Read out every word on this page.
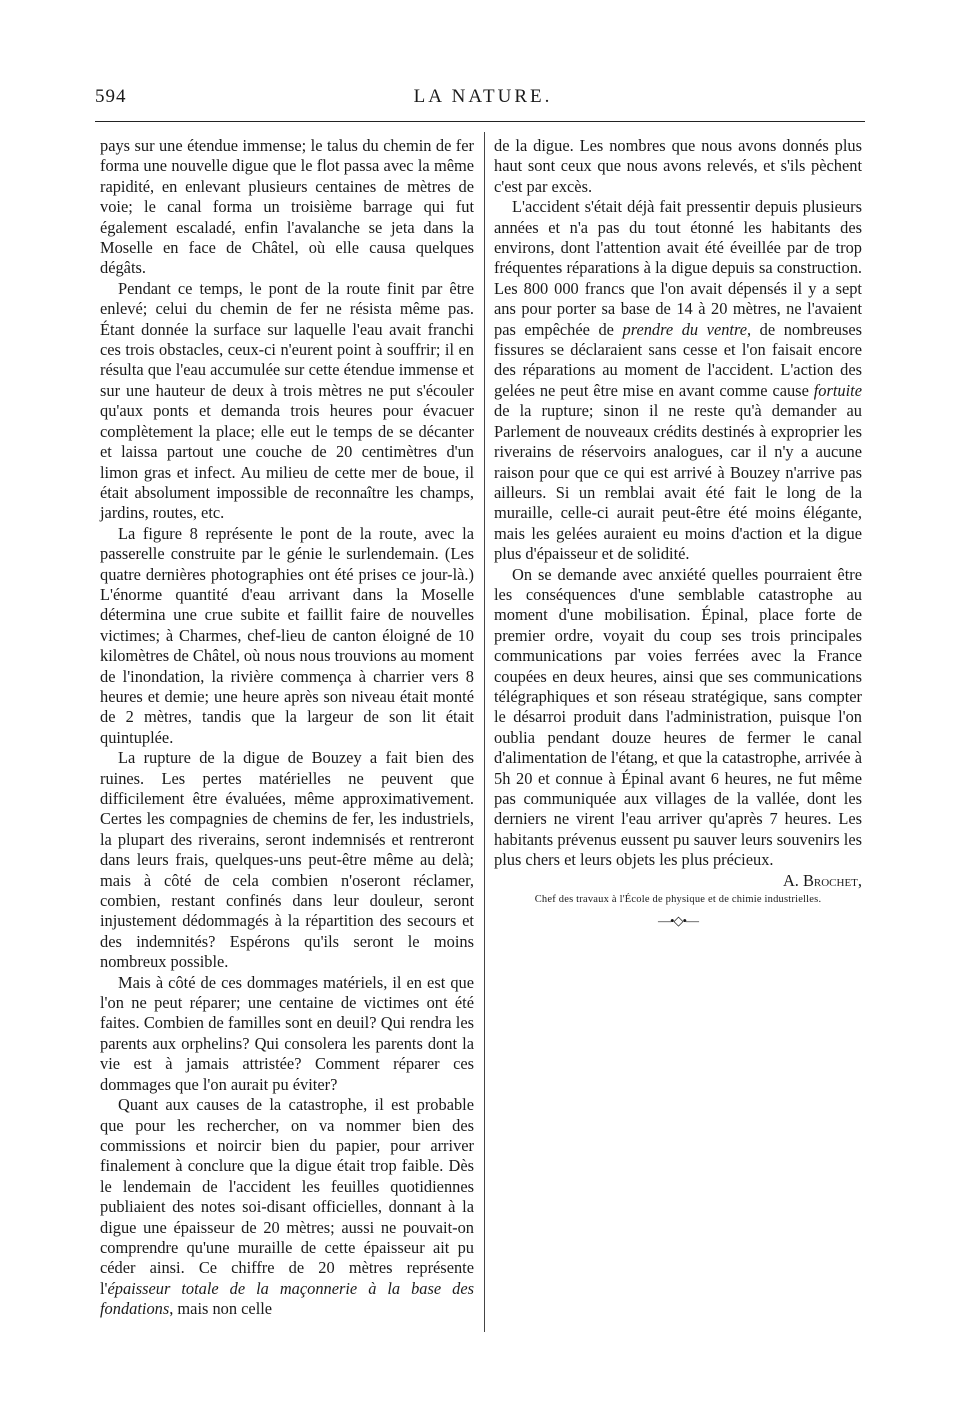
594	LA NATURE.

pays sur une étendue immense; le talus du chemin de fer forma une nouvelle digue que le flot passa avec la même rapidité, en enlevant plusieurs centaines de mètres de voie; le canal forma un troisième barrage qui fut également escaladé, enfin l'avalanche se jeta dans la Moselle en face de Châtel, où elle causa quelques dégâts.

Pendant ce temps, le pont de la route finit par être enlevé; celui du chemin de fer ne résista même pas. Étant donnée la surface sur laquelle l'eau avait franchi ces trois obstacles, ceux-ci n'eurent point à souffrir; il en résulta que l'eau accumulée sur cette étendue immense et sur une hauteur de deux à trois mètres ne put s'écouler qu'aux ponts et demanda trois heures pour évacuer complètement la place; elle eut le temps de se décanter et laissa partout une couche de 20 centimètres d'un limon gras et infect. Au milieu de cette mer de boue, il était absolument impossible de reconnaître les champs, jardins, routes, etc.

La figure 8 représente le pont de la route, avec la passerelle construite par le génie le surlendemain. (Les quatre dernières photographies ont été prises ce jour-là.) L'énorme quantité d'eau arrivant dans la Moselle détermina une crue subite et faillit faire de nouvelles victimes; à Charmes, chef-lieu de canton éloigné de 10 kilomètres de Châtel, où nous nous trouvions au moment de l'inondation, la rivière commença à charrier vers 8 heures et demie; une heure après son niveau était monté de 2 mètres, tandis que la largeur de son lit était quintuplée.

La rupture de la digue de Bouzey a fait bien des ruines. Les pertes matérielles ne peuvent que difficilement être évaluées, même approximativement. Certes les compagnies de chemins de fer, les industriels, la plupart des riverains, seront indemnisés et rentreront dans leurs frais, quelques-uns peut-être même au delà; mais à côté de cela combien n'oseront réclamer, combien, restant confinés dans leur douleur, seront injustement dédommagés à la répartition des secours et des indemnités? Espérons qu'ils seront le moins nombreux possible.

Mais à côté de ces dommages matériels, il en est que l'on ne peut réparer; une centaine de victimes ont été faites. Combien de familles sont en deuil? Qui rendra les parents aux orphelins? Qui consolera les parents dont la vie est à jamais attristée? Comment réparer ces dommages que l'on aurait pu éviter?

Quant aux causes de la catastrophe, il est probable que pour les rechercher, on va nommer bien des commissions et noircir bien du papier, pour arriver finalement à conclure que la digue était trop faible. Dès le lendemain de l'accident les feuilles quotidiennes publiaient des notes soi-disant officielles, donnant à la digue une épaisseur de 20 mètres; aussi ne pouvait-on comprendre qu'une muraille de cette épaisseur ait pu céder ainsi. Ce chiffre de 20 mètres représente l'épaisseur totale de la maçonnerie à la base des fondations, mais non celle

de la digue. Les nombres que nous avons donnés plus haut sont ceux que nous avons relevés, et s'ils pèchent c'est par excès.

L'accident s'était déjà fait pressentir depuis plusieurs années et n'a pas du tout étonné les habitants des environs, dont l'attention avait été éveillée par de trop fréquentes réparations à la digue depuis sa construction. Les 800 000 francs que l'on avait dépensés il y a sept ans pour porter sa base de 14 à 20 mètres, ne l'avaient pas empêchée de prendre du ventre, de nombreuses fissures se déclaraient sans cesse et l'on faisait encore des réparations au moment de l'accident. L'action des gelées ne peut être mise en avant comme cause fortuite de la rupture; sinon il ne reste qu'à demander au Parlement de nouveaux crédits destinés à exproprier les riverains de réservoirs analogues, car il n'y a aucune raison pour que ce qui est arrivé à Bouzey n'arrive pas ailleurs. Si un remblai avait été fait le long de la muraille, celle-ci aurait peut-être été moins élégante, mais les gelées auraient eu moins d'action et la digue plus d'épaisseur et de solidité.

On se demande avec anxiété quelles pourraient être les conséquences d'une semblable catastrophe au moment d'une mobilisation. Épinal, place forte de premier ordre, voyait du coup ses trois principales communications par voies ferrées avec la France coupées en deux heures, ainsi que ses communications télégraphiques et son réseau stratégique, sans compter le désarroi produit dans l'administration, puisque l'on oublia pendant douze heures de fermer le canal d'alimentation de l'étang, et que la catastrophe, arrivée à 5h 20 et connue à Épinal avant 6 heures, ne fut même pas communiquée aux villages de la vallée, dont les derniers ne virent l'eau arriver qu'après 7 heures. Les habitants prévenus eussent pu sauver leurs souvenirs les plus chers et leurs objets les plus précieux.

A. Brochet,
Chef des travaux à l'École de physique et de chimie industrielles.
—•◇•—
